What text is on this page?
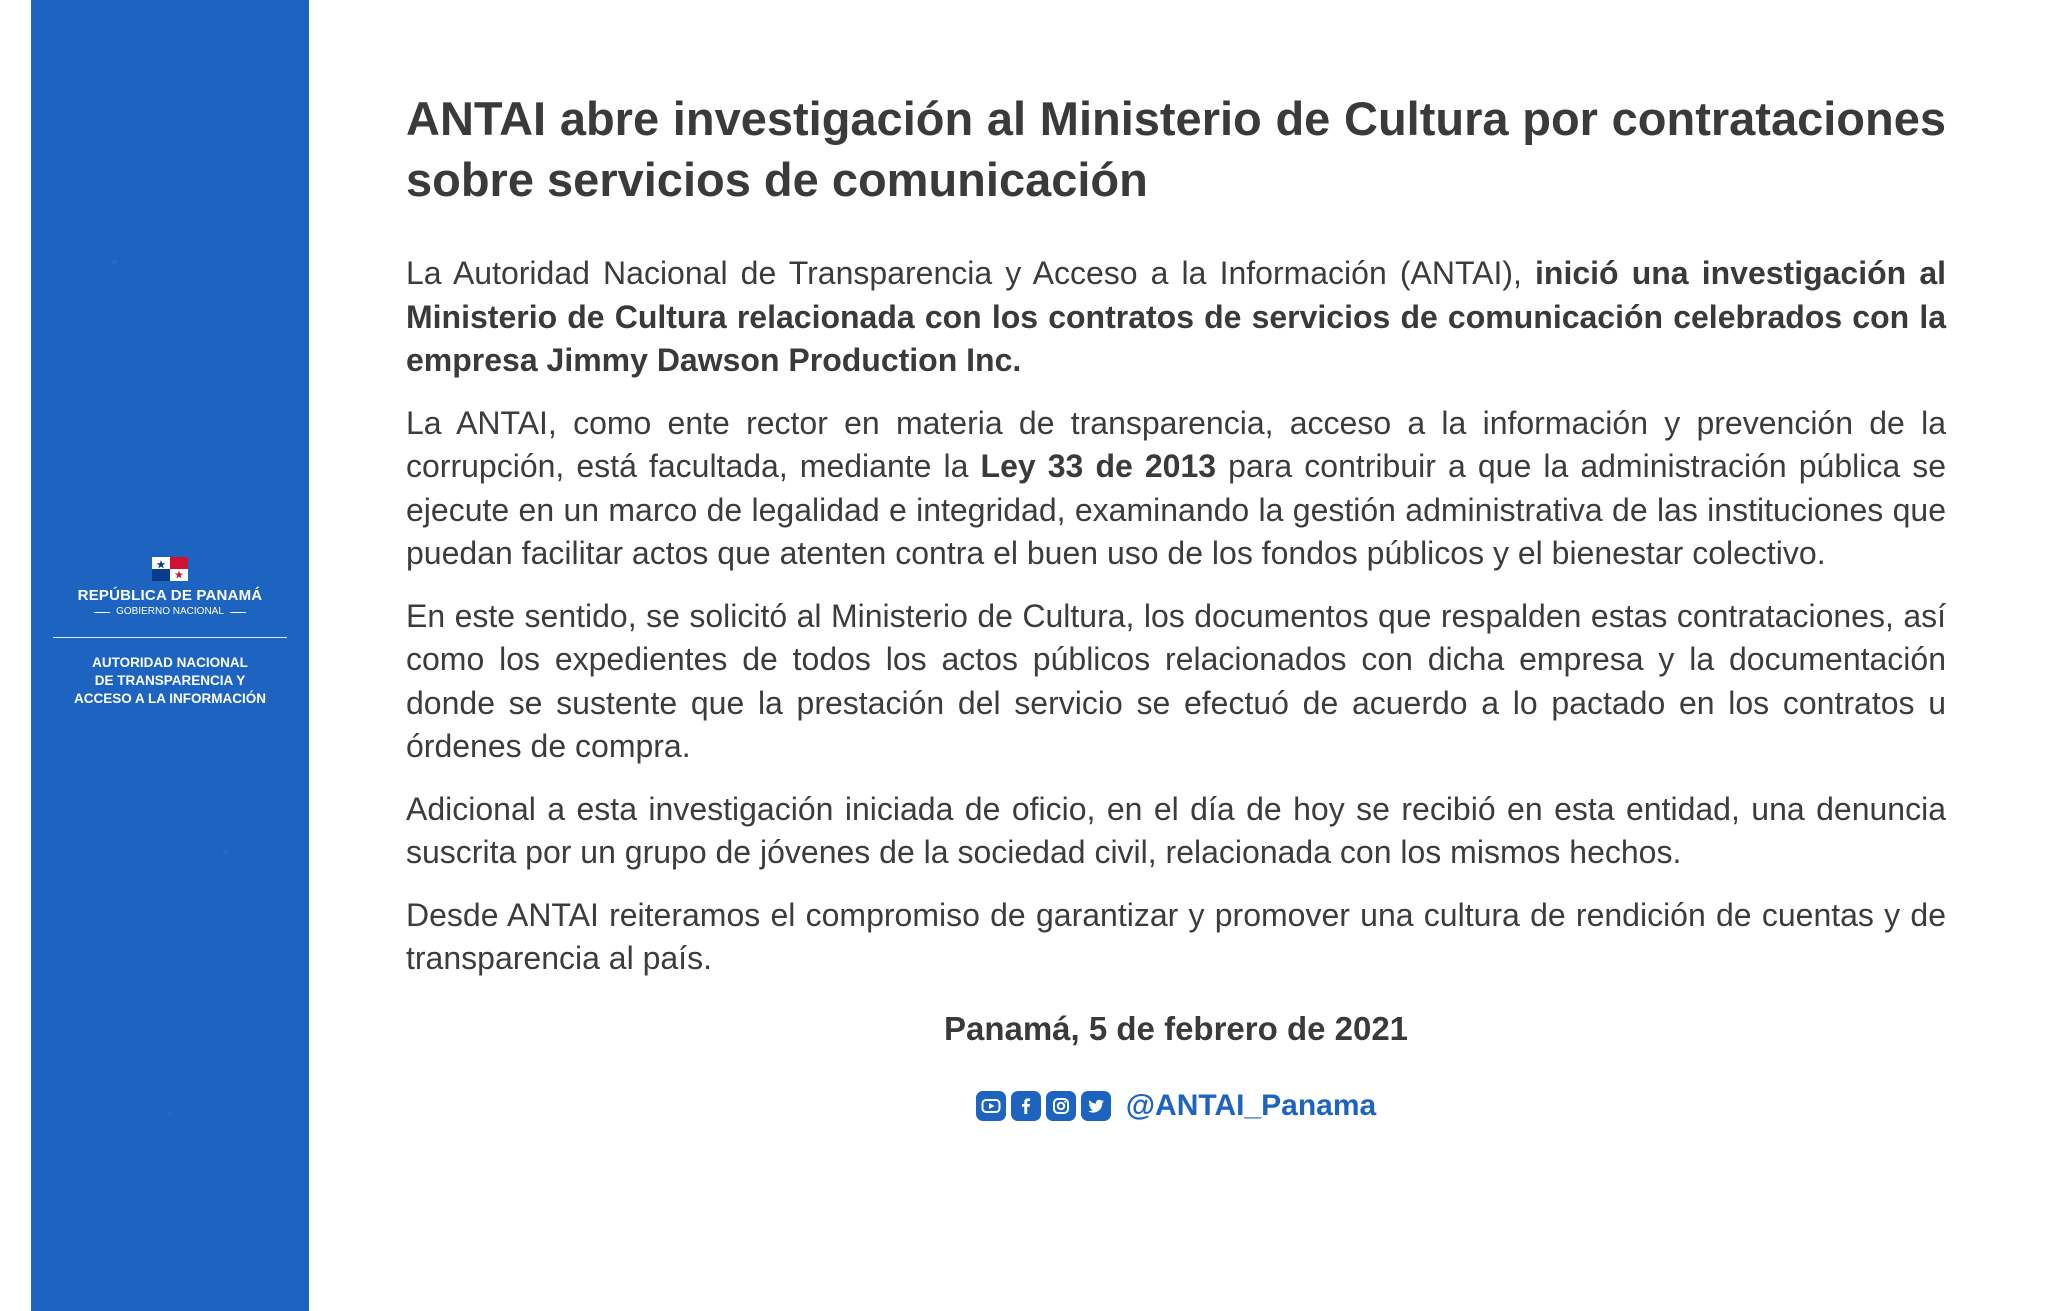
REPÚBLICA DE PANAMÁ
GOBIERNO NACIONAL
AUTORIDAD NACIONAL
DE TRANSPARENCIA Y
ACCESO A LA INFORMACIÓN
ANTAI abre investigación al Ministerio de Cultura por contrataciones sobre servicios de comunicación

La Autoridad Nacional de Transparencia y Acceso a la Información (ANTAI), inició una investigación al Ministerio de Cultura relacionada con los contratos de servicios de comunicación celebrados con la empresa Jimmy Dawson Production Inc.

La ANTAI, como ente rector en materia de transparencia, acceso a la información y prevención de la corrupción, está facultada, mediante la Ley 33 de 2013 para contribuir a que la administración pública se ejecute en un marco de legalidad e integridad, examinando la gestión administrativa de las instituciones que puedan facilitar actos que atenten contra el buen uso de los fondos públicos y el bienestar colectivo.

En este sentido, se solicitó al Ministerio de Cultura, los documentos que respalden estas contrataciones, así como los expedientes de todos los actos públicos relacionados con dicha empresa y la documentación donde se sustente que la prestación del servicio se efectuó de acuerdo a lo pactado en los contratos u órdenes de compra.

Adicional a esta investigación iniciada de oficio, en el día de hoy se recibió en esta entidad, una denuncia suscrita por un grupo de jóvenes de la sociedad civil, relacionada con los mismos hechos.

Desde ANTAI reiteramos el compromiso de garantizar y promover una cultura de rendición de cuentas y de transparencia al país.

Panamá, 5 de febrero de 2021
@ANTAI_Panama
